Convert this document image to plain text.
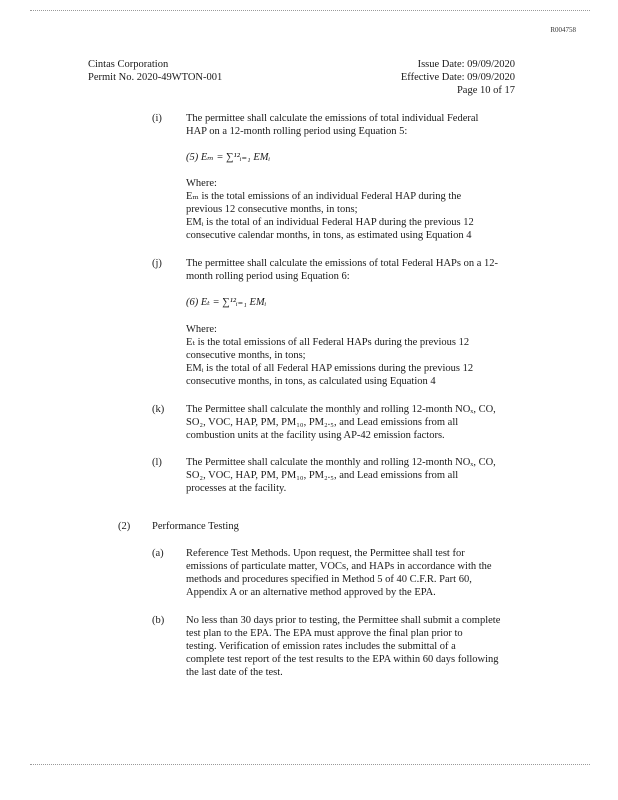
R004758
Cintas Corporation
Permit No. 2020-49WTON-001
Issue Date: 09/09/2020
Effective Date: 09/09/2020
Page 10 of 17
(i) The permittee shall calculate the emissions of total individual Federal
HAP on a 12-month rolling period using Equation 5:
(5) Eₘ = ∑¹²ᵢ₌₁ EMᵢ
Where:
Eₘ is the total emissions of an individual Federal HAP during the
previous 12 consecutive months, in tons;
EMᵢ is the total of an individual Federal HAP during the previous 12
consecutive calendar months, in tons, as estimated using Equation 4
(j) The permittee shall calculate the emissions of total Federal HAPs on a 12-
month rolling period using Equation 6:
(6) Eₜ = ∑¹²ᵢ₌₁ EMᵢ
Where:
Eₜ is the total emissions of all Federal HAPs during the previous 12
consecutive months, in tons;
EMᵢ is the total of all Federal HAP emissions during the previous 12
consecutive months, in tons, as calculated using Equation 4
(k) The Permittee shall calculate the monthly and rolling 12-month NOₓ, CO,
SO₂, VOC, HAP, PM, PM₁₀, PM₂.₅, and Lead emissions from all
combustion units at the facility using AP-42 emission factors.
(l) The Permittee shall calculate the monthly and rolling 12-month NOₓ, CO,
SO₂, VOC, HAP, PM, PM₁₀, PM₂.₅, and Lead emissions from all
processes at the facility.
(2) Performance Testing
(a) Reference Test Methods. Upon request, the Permittee shall test for
emissions of particulate matter, VOCs, and HAPs in accordance with the
methods and procedures specified in Method 5 of 40 C.F.R. Part 60,
Appendix A or an alternative method approved by the EPA.
(b) No less than 30 days prior to testing, the Permittee shall submit a complete
test plan to the EPA. The EPA must approve the final plan prior to
testing. Verification of emission rates includes the submittal of a
complete test report of the test results to the EPA within 60 days following
the last date of the test.
